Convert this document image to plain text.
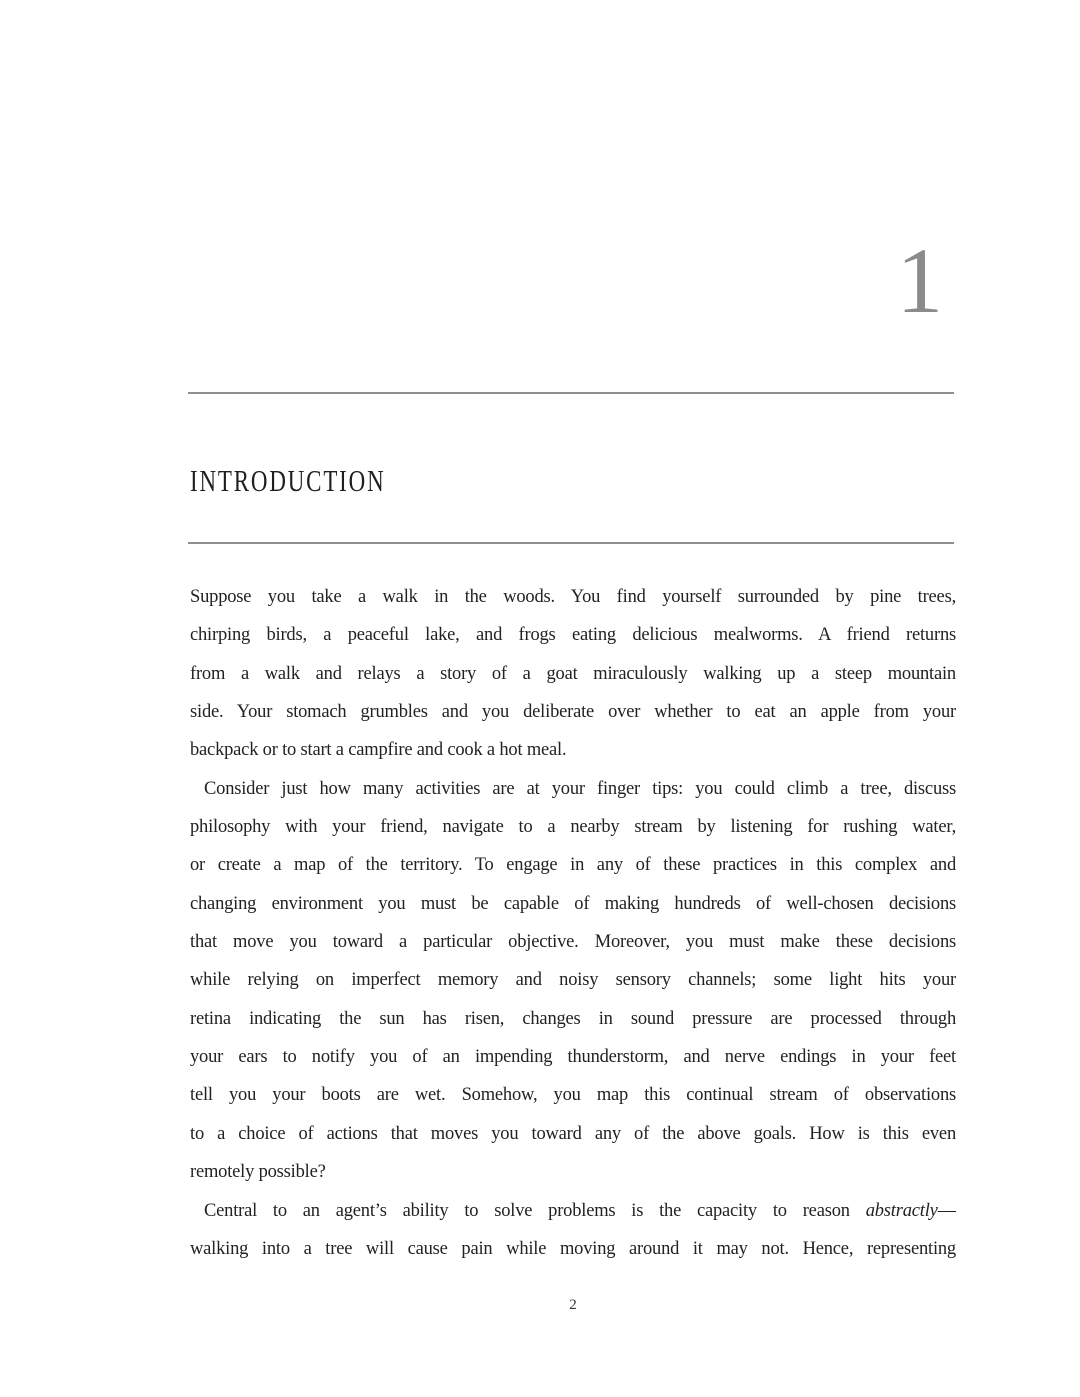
1
INTRODUCTION
Suppose you take a walk in the woods. You find yourself surrounded by pine trees,
chirping birds, a peaceful lake, and frogs eating delicious mealworms. A friend returns
from a walk and relays a story of a goat miraculously walking up a steep mountain
side. Your stomach grumbles and you deliberate over whether to eat an apple from your
backpack or to start a campfire and cook a hot meal.
Consider just how many activities are at your finger tips: you could climb a tree, discuss
philosophy with your friend, navigate to a nearby stream by listening for rushing water,
or create a map of the territory. To engage in any of these practices in this complex and
changing environment you must be capable of making hundreds of well-chosen decisions
that move you toward a particular objective. Moreover, you must make these decisions
while relying on imperfect memory and noisy sensory channels; some light hits your
retina indicating the sun has risen, changes in sound pressure are processed through
your ears to notify you of an impending thunderstorm, and nerve endings in your feet
tell you your boots are wet. Somehow, you map this continual stream of observations
to a choice of actions that moves you toward any of the above goals. How is this even
remotely possible?
Central to an agent’s ability to solve problems is the capacity to reason abstractly—
walking into a tree will cause pain while moving around it may not. Hence, representing
2
